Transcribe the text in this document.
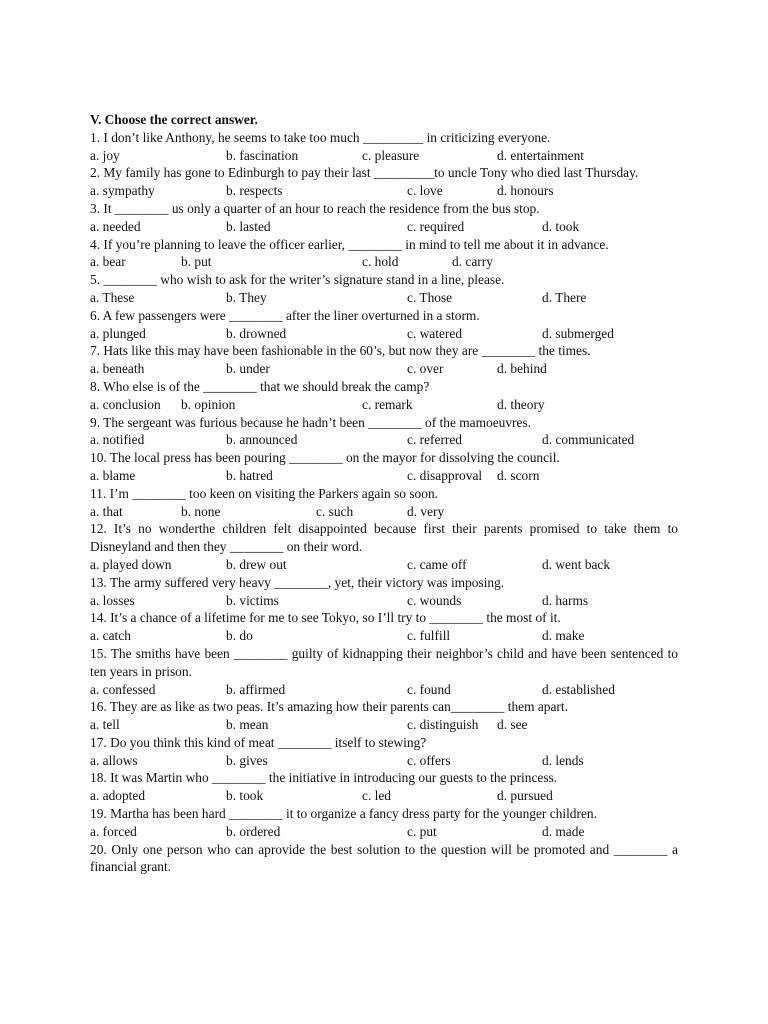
V. Choose the correct answer.

1. I don’t like Anthony, he seems to take too much _________ in criticizing everyone.

a. joy	b. fascination	c. pleasure	d. entertainment

2. My family has gone to Edinburgh to pay their last _________to uncle Tony who died last Thursday.

a. sympathy	b. respects	c. love	d. honours

3. It ________ us only a quarter of an hour to reach the residence from the bus stop.

a. needed	b. lasted	c. required	d. took

4. If you’re planning to leave the officer earlier, ________ in mind to tell me about it in advance.

a. bear	b. put	c. hold	d. carry

5. ________ who wish to ask for the writer’s signature stand in a line, please.

a. These	b. They	c. Those	d. There

6. A few passengers were ________ after the liner overturned in a storm.

a. plunged	b. drowned	c. watered	d. submerged

7. Hats like this may have been fashionable in the 60’s, but now they are ________ the times.

a. beneath	b. under	c. over	d. behind

8. Who else is of the ________ that we should break the camp?

a. conclusion b. opinion	c. remark	d. theory

9. The sergeant was furious because he hadn’t been ________ of the mamoeuvres.

a. notified	b. announced	c. referred	d. communicated

10. The local press has been pouring ________ on the mayor for dissolving the council.

a. blame	b. hatred	c. disapproval d. scorn

11. I’m ________ too keen on visiting the Parkers again so soon.

a. that	b. none	c. such	d. very

12. It’s no wonderthe children felt disappointed because first their parents promised to take them to Disneyland and then they ________ on their word.

a. played down	b. drew out	c. came off	d. went back

13. The army suffered very heavy ________, yet, their victory was imposing.

a. losses	b. victims	c. wounds	d. harms

14. It’s a chance of a lifetime for me to see Tokyo, so I’ll try to ________ the most of it.

a. catch	b. do	c. fulfill	d. make

15. The smiths have been ________ guilty of kidnapping their neighbor’s child and have been sentenced to ten years in prison.

a. confessed	b. affirmed	c. found	d. established

16. They are as like as two peas. It’s amazing how their parents can________ them apart.

a. tell	b. mean	c. distinguish d. see

17. Do you think this kind of meat ________ itself to stewing?

a. allows	b. gives	c. offers	d. lends

18. It was Martin who ________ the initiative in introducing our guests to the princess.

a. adopted	b. took	c. led	d. pursued

19. Martha has been hard ________ it to organize a fancy dress party for the younger children.

a. forced	b. ordered	c. put	d. made

20. Only one person who can aprovide the best solution to the question will be promoted and ________ a financial grant.
